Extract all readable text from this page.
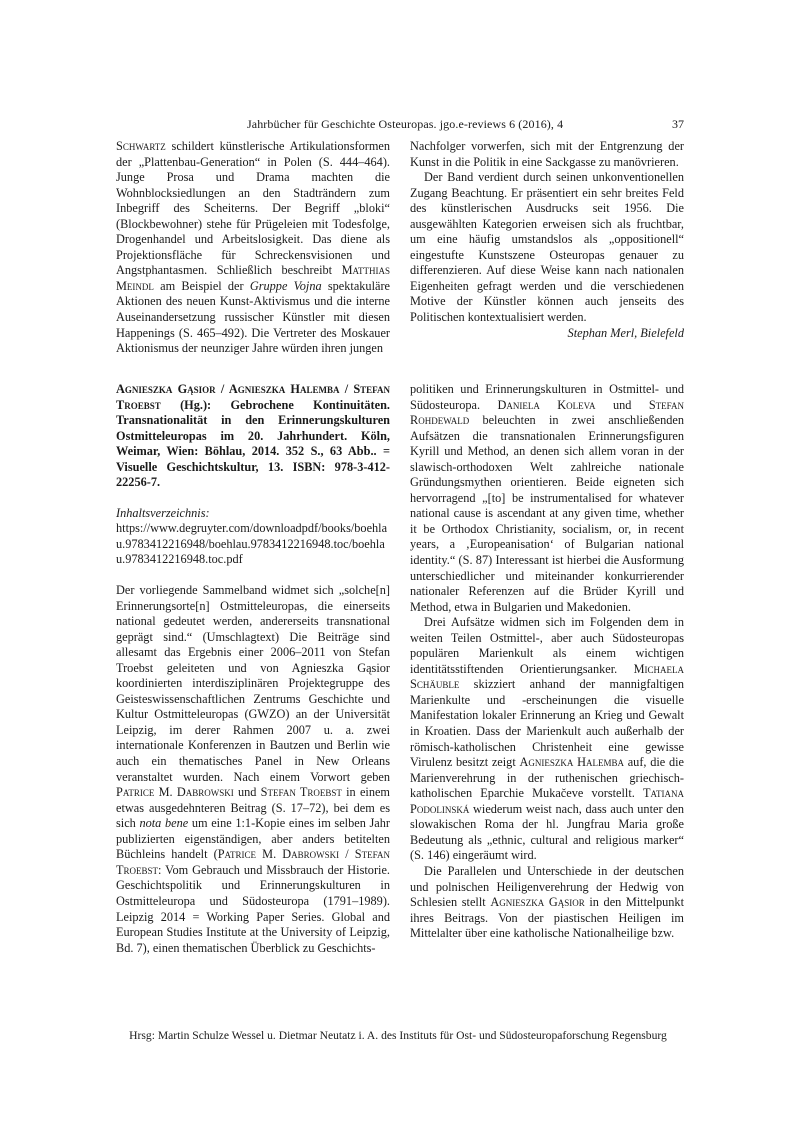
Jahrbücher für Geschichte Osteuropas. jgo.e-reviews 6 (2016), 4	37

Schwartz schildert künstlerische Artikulationsformen der „Plattenbau-Generation“ in Polen (S. 444–464). Junge Prosa und Drama machten die Wohnblocksiedlungen an den Stadträndern zum Inbegriff des Scheiterns. Der Begriff „bloki“ (Blockbewohner) stehe für Prügeleien mit Todesfolge, Drogenhandel und Arbeitslosigkeit. Das diene als Projektionsfläche für Schreckensvisionen und Angstphantasmen. Schließlich beschreibt Matthias Meindl am Beispiel der Gruppe Vojna spektakuläre Aktionen des neuen Kunst-Aktivismus und die interne Auseinandersetzung russischer Künstler mit diesen Happenings (S. 465–492). Die Vertreter des Moskauer Aktionismus der neunziger Jahre würden ihren jungen

Nachfolger vorwerfen, sich mit der Entgrenzung der Kunst in die Politik in eine Sackgasse zu manövrieren.

Der Band verdient durch seinen unkonventionellen Zugang Beachtung. Er präsentiert ein sehr breites Feld des künstlerischen Ausdrucks seit 1956. Die ausgewählten Kategorien erweisen sich als fruchtbar, um eine häufig umstandslos als „oppositionell“ eingestufte Kunstszene Osteuropas genauer zu differenzieren. Auf diese Weise kann nach nationalen Eigenheiten gefragt werden und die verschiedenen Motive der Künstler können auch jenseits des Politischen kontextualisiert werden.

Stephan Merl, Bielefeld

Agnieszka Gąsior / Agnieszka Halemba / Stefan Troebst (Hg.): Gebrochene Kontinuitäten. Transnationalität in den Erinnerungskulturen Ostmitteleuropas im 20. Jahrhundert. Köln, Weimar, Wien: Böhlau, 2014. 352 S., 63 Abb.. = Visuelle Geschichtskultur, 13. ISBN: 978-3-412-22256-7.

Inhaltsverzeichnis:

https://www.degruyter.com/downloadpdf/books/boehlau.9783412216948/boehlau.9783412216948.toc/boehlau.9783412216948.toc.pdf

Der vorliegende Sammelband widmet sich „solche[n] Erinnerungsorte[n] Ostmitteleuropas, die einerseits national gedeutet werden, andererseits transnational geprägt sind.“ (Umschlagtext) Die Beiträge sind allesamt das Ergebnis einer 2006–2011 von Stefan Troebst geleiteten und von Agnieszka Gąsior koordinierten interdisziplinären Projektegruppe des Geisteswissenschaftlichen Zentrums Geschichte und Kultur Ostmitteleuropas (GWZO) an der Universität Leipzig, im derer Rahmen 2007 u. a. zwei internationale Konferenzen in Bautzen und Berlin wie auch ein thematisches Panel in New Orleans veranstaltet wurden. Nach einem Vorwort geben Patrice M. Dabrowski und Stefan Troebst in einem etwas ausgedehnteren Beitrag (S. 17–72), bei dem es sich nota bene um eine 1:1-Kopie eines im selben Jahr publizierten eigenständigen, aber anders betitelten Büchleins handelt (Patrice M. Dabrowski / Stefan Troebst: Vom Gebrauch und Missbrauch der Historie. Geschichtspolitik und Erinnerungskulturen in Ostmitteleuropa und Südosteuropa (1791–1989). Leipzig 2014 = Working Paper Series. Global and European Studies Institute at the University of Leipzig, Bd. 7), einen thematischen Überblick zu Geschichts-

politiken und Erinnerungskulturen in Ostmittel- und Südosteuropa. Daniela Koleva und Stefan Rohdewald beleuchten in zwei anschließenden Aufsätzen die transnationalen Erinnerungsfiguren Kyrill und Method, an denen sich allem voran in der slawisch-orthodoxen Welt zahlreiche nationale Gründungsmythen orientieren. Beide eigneten sich hervorragend „[to] be instrumentalised for whatever national cause is ascendant at any given time, whether it be Orthodox Christianity, socialism, or, in recent years, a ‚Europeanisation‘ of Bulgarian national identity.“ (S. 87) Interessant ist hierbei die Ausformung unterschiedlicher und miteinander konkurrierender nationaler Referenzen auf die Brüder Kyrill und Method, etwa in Bulgarien und Makedonien.

Drei Aufsätze widmen sich im Folgenden dem in weiten Teilen Ostmittel-, aber auch Südosteuropas populären Marienkult als einem wichtigen identitätsstiftenden Orientierungsanker. Michaela Schäuble skizziert anhand der mannigfaltigen Marienkulte und -erscheinungen die visuelle Manifestation lokaler Erinnerung an Krieg und Gewalt in Kroatien. Dass der Marienkult auch außerhalb der römisch-katholischen Christenheit eine gewisse Virulenz besitzt zeigt Agnieszka Halemba auf, die die Marienverehrung in der ruthenischen griechisch-katholischen Eparchie Mukačeve vorstellt. Tatiana Podolinská wiederum weist nach, dass auch unter den slowakischen Roma der hl. Jungfrau Maria große Bedeutung als „ethnic, cultural and religious marker“ (S. 146) eingeräumt wird.

Die Parallelen und Unterschiede in der deutschen und polnischen Heiligenverehrung der Hedwig von Schlesien stellt Agnieszka Gąsior in den Mittelpunkt ihres Beitrags. Von der piastischen Heiligen im Mittelalter über eine katholische Nationalheilige bzw.

Hrsg: Martin Schulze Wessel u. Dietmar Neutatz i. A. des Instituts für Ost- und Südosteuropaforschung Regensburg
